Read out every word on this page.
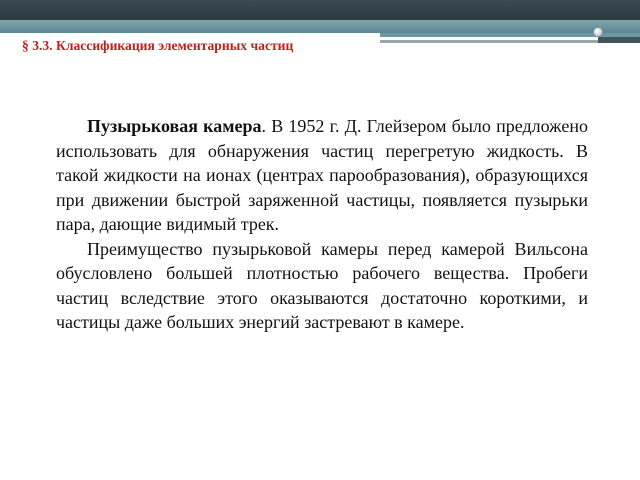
§ 3.3. Классификация элементарных частиц

Пузырьковая камера. В 1952 г. Д. Глейзером было предложено использовать для обнаружения частиц перегретую жидкость. В такой жидкости на ионах (центрах парообразования), образующихся при движении быстрой заряженной частицы, появляется пузырьки пара, дающие видимый трек.

Преимущество пузырьковой камеры перед камерой Вильсона обусловлено большей плотностью рабочего вещества. Пробеги частиц вследствие этого оказываются достаточно короткими, и частицы даже больших энергий застревают в камере.
